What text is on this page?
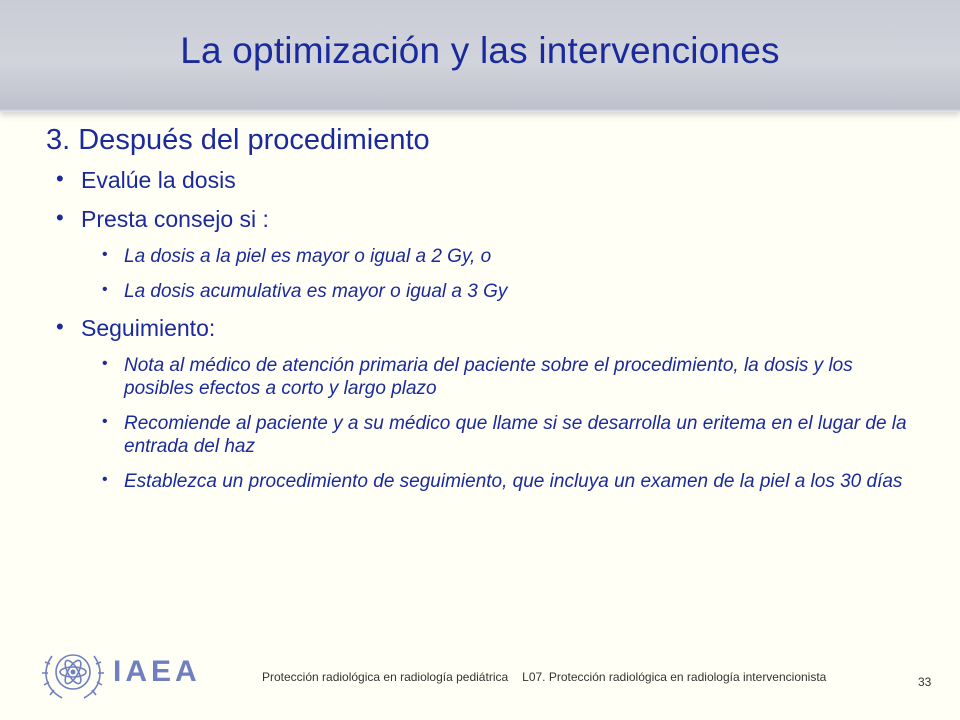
La optimización y las intervenciones
3. Después del procedimiento
• Evalúe la dosis
• Presta consejo si :
• La dosis a la piel es mayor o igual a 2 Gy, o
• La dosis acumulativa es mayor o igual a 3 Gy
• Seguimiento:
• Nota al médico de atención primaria del paciente sobre el procedimiento, la dosis y los posibles efectos a corto y largo plazo
• Recomiende al paciente y a su médico que llame si se desarrolla un eritema en el lugar de la entrada del haz
• Establezca un procedimiento de seguimiento, que incluya un examen de la piel a los 30 días
IAEA	Protección radiológica en radiología pediátrica L07. Protección radiológica en radiología intervencionista	33
